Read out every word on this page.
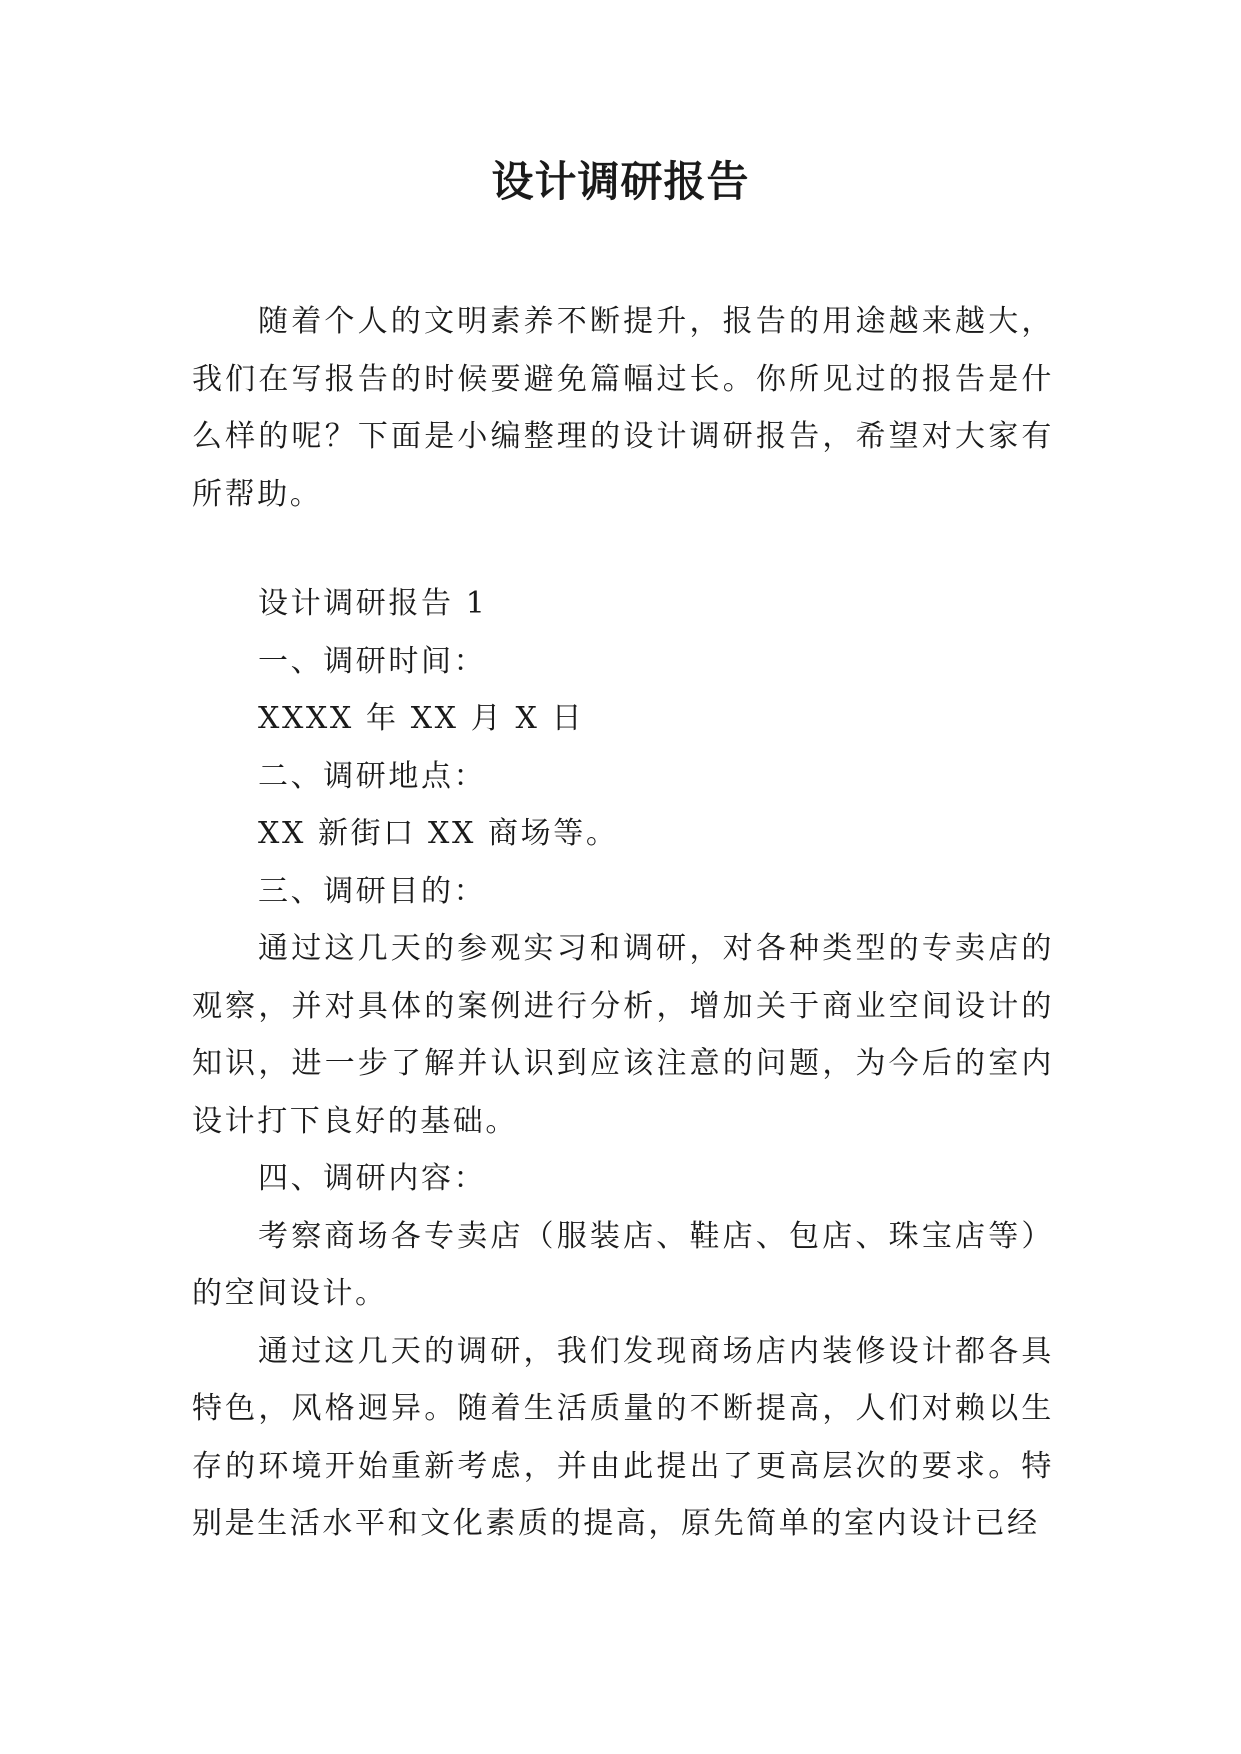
设计调研报告

随着个人的文明素养不断提升，报告的用途越来越大，我们在写报告的时候要避免篇幅过长。你所见过的报告是什么样的呢？下面是小编整理的设计调研报告，希望对大家有所帮助。

设计调研报告 1

一、调研时间：

XXXX 年 XX 月 X 日

二、调研地点：

XX 新街口 XX 商场等。

三、调研目的：

通过这几天的参观实习和调研，对各种类型的专卖店的观察，并对具体的案例进行分析，增加关于商业空间设计的知识，进一步了解并认识到应该注意的问题，为今后的室内设计打下良好的基础。

四、调研内容：

考察商场各专卖店（服装店、鞋店、包店、珠宝店等）的空间设计。

通过这几天的调研，我们发现商场店内装修设计都各具特色，风格迥异。随着生活质量的不断提高，人们对赖以生存的环境开始重新考虑，并由此提出了更高层次的要求。特别是生活水平和文化素质的提高，原先简单的室内设计已经
